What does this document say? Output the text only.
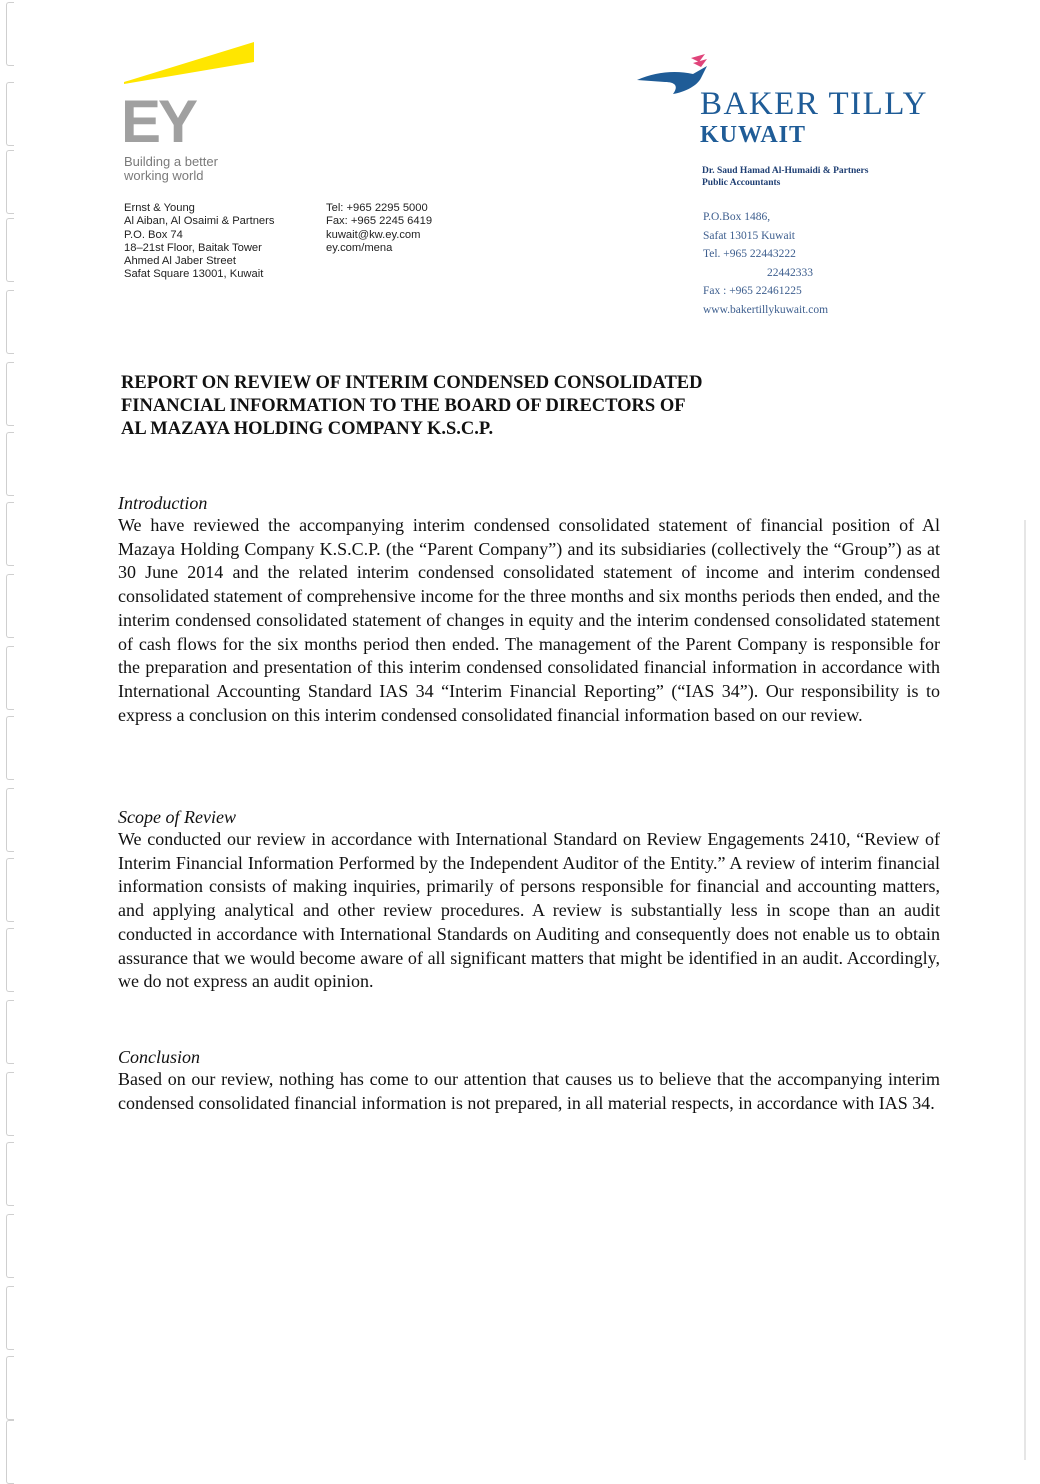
EY
Building a better
working world
Ernst & Young
Al Aiban, Al Osaimi & Partners
P.O. Box 74
18–21st Floor, Baitak Tower
Ahmed Al Jaber Street
Safat Square 13001, Kuwait
Tel: +965 2295 5000
Fax: +965 2245 6419
kuwait@kw.ey.com
ey.com/mena
BAKER TILLY
KUWAIT
Dr. Saud Hamad Al-Humaidi & Partners
Public Accountants
P.O.Box 1486,
Safat 13015 Kuwait
Tel. +965 22443222
22442333
Fax : +965 22461225
www.bakertillykuwait.com
REPORT ON REVIEW OF INTERIM CONDENSED CONSOLIDATED
FINANCIAL INFORMATION TO THE BOARD OF DIRECTORS OF
AL MAZAYA HOLDING COMPANY K.S.C.P.
Introduction

We have reviewed the accompanying interim condensed consolidated statement of financial position of Al Mazaya Holding Company K.S.C.P. (the “Parent Company”) and its subsidiaries (collectively the “Group”) as at 30 June 2014 and the related interim condensed consolidated statement of income and interim condensed consolidated statement of comprehensive income for the three months and six months periods then ended, and the interim condensed consolidated statement of changes in equity and the interim condensed consolidated statement of cash flows for the six months period then ended. The management of the Parent Company is responsible for the preparation and presentation of this interim condensed consolidated financial information in accordance with International Accounting Standard IAS 34 “Interim Financial Reporting” (“IAS 34”). Our responsibility is to express a conclusion on this interim condensed consolidated financial information based on our review.

Scope of Review

We conducted our review in accordance with International Standard on Review Engagements 2410, “Review of Interim Financial Information Performed by the Independent Auditor of the Entity.” A review of interim financial information consists of making inquiries, primarily of persons responsible for financial and accounting matters, and applying analytical and other review procedures. A review is substantially less in scope than an audit conducted in accordance with International Standards on Auditing and consequently does not enable us to obtain assurance that we would become aware of all significant matters that might be identified in an audit. Accordingly, we do not express an audit opinion.

Conclusion

Based on our review, nothing has come to our attention that causes us to believe that the accompanying interim condensed consolidated financial information is not prepared, in all material respects, in accordance with IAS 34.
